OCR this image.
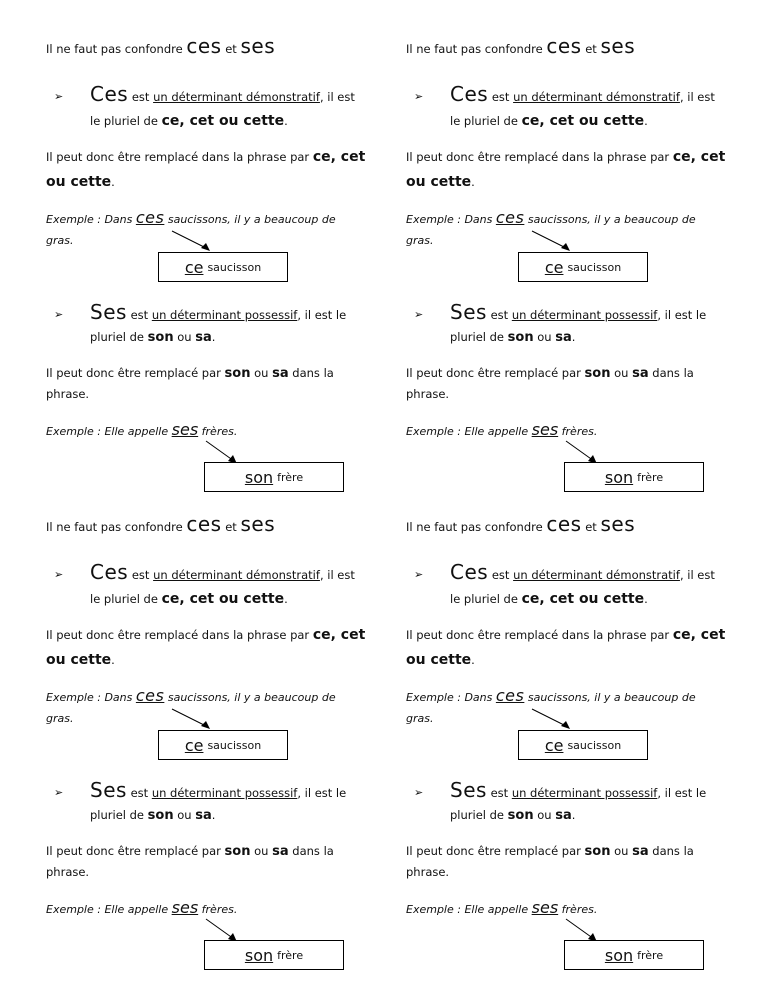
Il ne faut pas confondre ces et ses
➢ Ces est un déterminant démonstratif, il est
le pluriel de ce, cet ou cette.
Il peut donc être remplacé dans la phrase par ce, cet
ou cette.
Exemple : Dans ces saucissons, il y a beaucoup de
gras.
ce saucisson
➢ Ses est un déterminant possessif, il est le
pluriel de son ou sa.
Il peut donc être remplacé par son ou sa dans la
phrase.
Exemple : Elle appelle ses frères.
son frère
Il ne faut pas confondre ces et ses
➢ Ces est un déterminant démonstratif, il est
le pluriel de ce, cet ou cette.
Il peut donc être remplacé dans la phrase par ce, cet
ou cette.
Exemple : Dans ces saucissons, il y a beaucoup de
gras.
ce saucisson
➢ Ses est un déterminant possessif, il est le
pluriel de son ou sa.
Il peut donc être remplacé par son ou sa dans la
phrase.
Exemple : Elle appelle ses frères.
son frère
Il ne faut pas confondre ces et ses
➢ Ces est un déterminant démonstratif, il est
le pluriel de ce, cet ou cette.
Il peut donc être remplacé dans la phrase par ce, cet
ou cette.
Exemple : Dans ces saucissons, il y a beaucoup de
gras.
ce saucisson
➢ Ses est un déterminant possessif, il est le
pluriel de son ou sa.
Il peut donc être remplacé par son ou sa dans la
phrase.
Exemple : Elle appelle ses frères.
son frère
Il ne faut pas confondre ces et ses
➢ Ces est un déterminant démonstratif, il est
le pluriel de ce, cet ou cette.
Il peut donc être remplacé dans la phrase par ce, cet
ou cette.
Exemple : Dans ces saucissons, il y a beaucoup de
gras.
ce saucisson
➢ Ses est un déterminant possessif, il est le
pluriel de son ou sa.
Il peut donc être remplacé par son ou sa dans la
phrase.
Exemple : Elle appelle ses frères.
son frère
